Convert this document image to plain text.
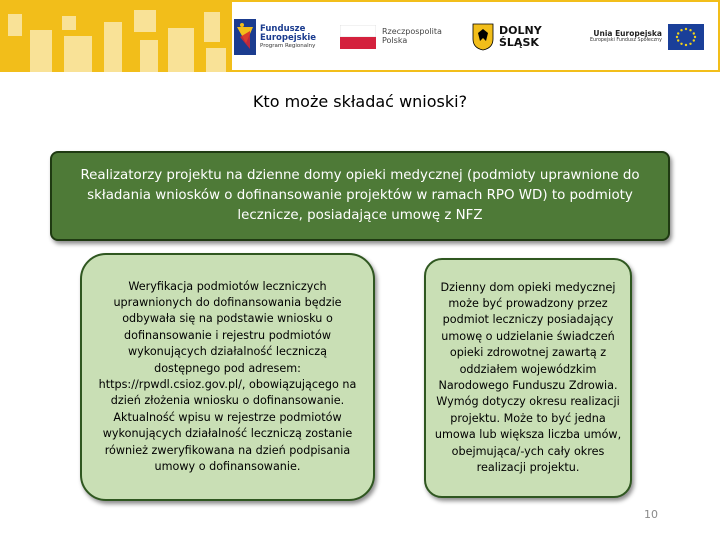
Fundusze
Europejskie
Program Regionalny
Rzeczpospolita
Polska
DOLNY
ŚLĄSK
Unia Europejska
Europejski Fundusz Społeczny
Kto może składać wnioski?
Realizatorzy projektu na dzienne domy opieki medycznej (podmioty uprawnione do składania wniosków o dofinansowanie projektów w ramach RPO WD) to podmioty lecznicze, posiadające umowę z NFZ
Weryfikacja podmiotów leczniczych uprawnionych do dofinansowania będzie odbywała się na podstawie wniosku o dofinansowanie i rejestru podmiotów wykonujących działalność leczniczą dostępnego pod adresem: https://rpwdl.csioz.gov.pl/, obowiązującego na dzień złożenia wniosku o dofinansowanie. Aktualność wpisu w rejestrze podmiotów wykonujących działalność leczniczą zostanie również zweryfikowana na dzień podpisania umowy o dofinansowanie.
Dzienny dom opieki medycznej może być prowadzony przez podmiot leczniczy posiadający umowę o udzielanie świadczeń opieki zdrowotnej zawartą z oddziałem wojewódzkim Narodowego Funduszu Zdrowia. Wymóg dotyczy okresu realizacji projektu. Może to być jedna umowa lub większa liczba umów, obejmująca/-ych cały okres realizacji projektu.
10
